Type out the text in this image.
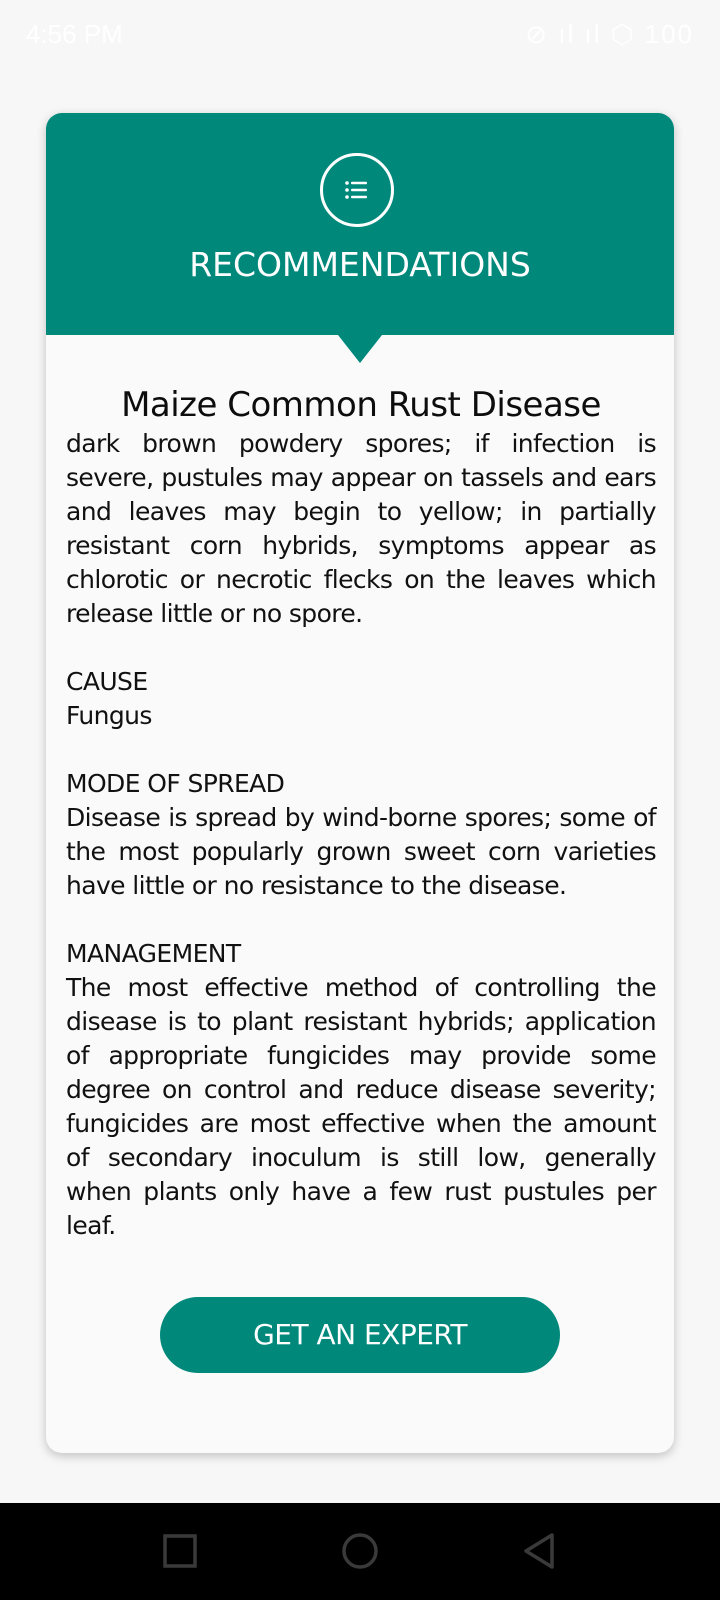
4:56 PM	⊘ ıl ıl ⬡ 100
RECOMMENDATIONS
Maize Common Rust Disease

dark brown powdery spores; if infection is severe, pustules may appear on tassels and ears and leaves may begin to yellow; in partially resistant corn hybrids, symptoms appear as chlorotic or necrotic flecks on the leaves which release little or no spore.

CAUSE

Fungus

MODE OF SPREAD

Disease is spread by wind-borne spores; some of the most popularly grown sweet corn varieties have little or no resistance to the disease.

MANAGEMENT

The most effective method of controlling the disease is to plant resistant hybrids; application of appropriate fungicides may provide some degree on control and reduce disease severity; fungicides are most effective when the amount of secondary inoculum is still low, generally when plants only have a few rust pustules per leaf.

GET AN EXPERT
